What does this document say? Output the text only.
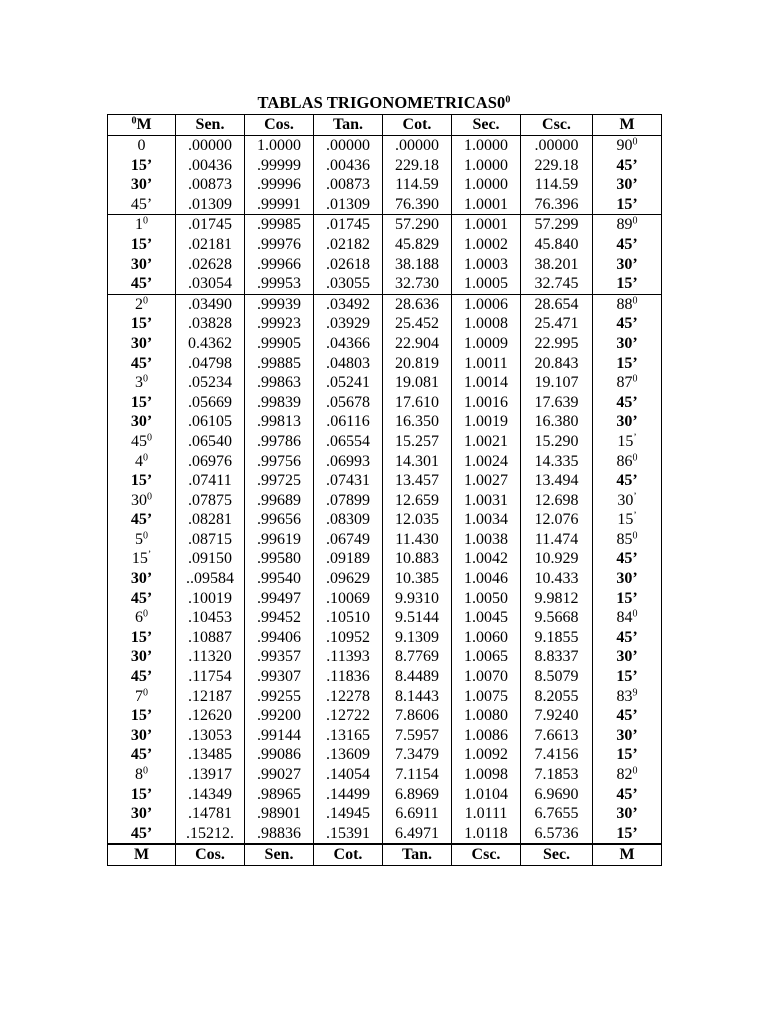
TABLAS $TRIGONOMETRICAS0^0$
$^0$M	Sen.	Cos.	Tan.	Cot.	Sec.	Csc.	M
0	.00000	1.0000	.00000	.00000	1.0000	.00000	$90^0$
15’	.00436	.99999	.00436	229.18	1.0000	229.18	45’
30’	.00873	.99996	.00873	114.59	1.0000	114.59	30’
45’	.01309	.99991	.01309	76.390	1.0001	76.396	15’
$1^0$	.01745	.99985	.01745	57.290	1.0001	57.299	$89^0$
15’	.02181	.99976	.02182	45.829	1.0002	45.840	45’
30’	.02628	.99966	.02618	38.188	1.0003	38.201	30’
45’	.03054	.99953	.03055	32.730	1.0005	32.745	15’
$2^0$	.03490	.99939	.03492	28.636	1.0006	28.654	$88^0$
15’	.03828	.99923	.03929	25.452	1.0008	25.471	45’
30’	0.4362	.99905	.04366	22.904	1.0009	22.995	30’
45’	.04798	.99885	.04803	20.819	1.0011	20.843	15’
$3^0$	.05234	.99863	.05241	19.081	1.0014	19.107	$87^0$
15’	.05669	.99839	.05678	17.610	1.0016	17.639	45’
30’	.06105	.99813	.06116	16.350	1.0019	16.380	30’
$45^0$	.06540	.99786	.06554	15.257	1.0021	15.290	15’
$4^0$	.06976	.99756	.06993	14.301	1.0024	14.335	$86^0$
15’	.07411	.99725	.07431	13.457	1.0027	13.494	45’
$30^0$	.07875	.99689	.07899	12.659	1.0031	12.698	30’
45’	.08281	.99656	.08309	12.035	1.0034	12.076	15’
$5^0$	.08715	.99619	.06749	11.430	1.0038	11.474	$85^0$
15’	.09150	.99580	.09189	10.883	1.0042	10.929	45’
30’	..09584	.99540	.09629	10.385	1.0046	10.433	30’
45’	.10019	.99497	.10069	9.9310	1.0050	9.9812	15’
$6^0$	.10453	.99452	.10510	9.5144	1.0045	9.5668	$84^0$
15’	.10887	.99406	.10952	9.1309	1.0060	9.1855	45’
30’	.11320	.99357	.11393	8.7769	1.0065	8.8337	30’
45’	.11754	.99307	.11836	8.4489	1.0070	8.5079	15’
$7^0$	.12187	.99255	.12278	8.1443	1.0075	8.2055	$83^9$
15’	.12620	.99200	.12722	7.8606	1.0080	7.9240	45’
30’	.13053	.99144	.13165	7.5957	1.0086	7.6613	30’
45’	.13485	.99086	.13609	7.3479	1.0092	7.4156	15’
$8^0$	.13917	.99027	.14054	7.1154	1.0098	7.1853	$82^0$
15’	.14349	.98965	.14499	6.8969	1.0104	6.9690	45’
30’	.14781	.98901	.14945	6.6911	1.0111	6.7655	30’
45’	.15212.	.98836	.15391	6.4971	1.0118	6.5736	15’
M	Cos.	Sen.	Cot.	Tan.	Csc.	Sec.	M
